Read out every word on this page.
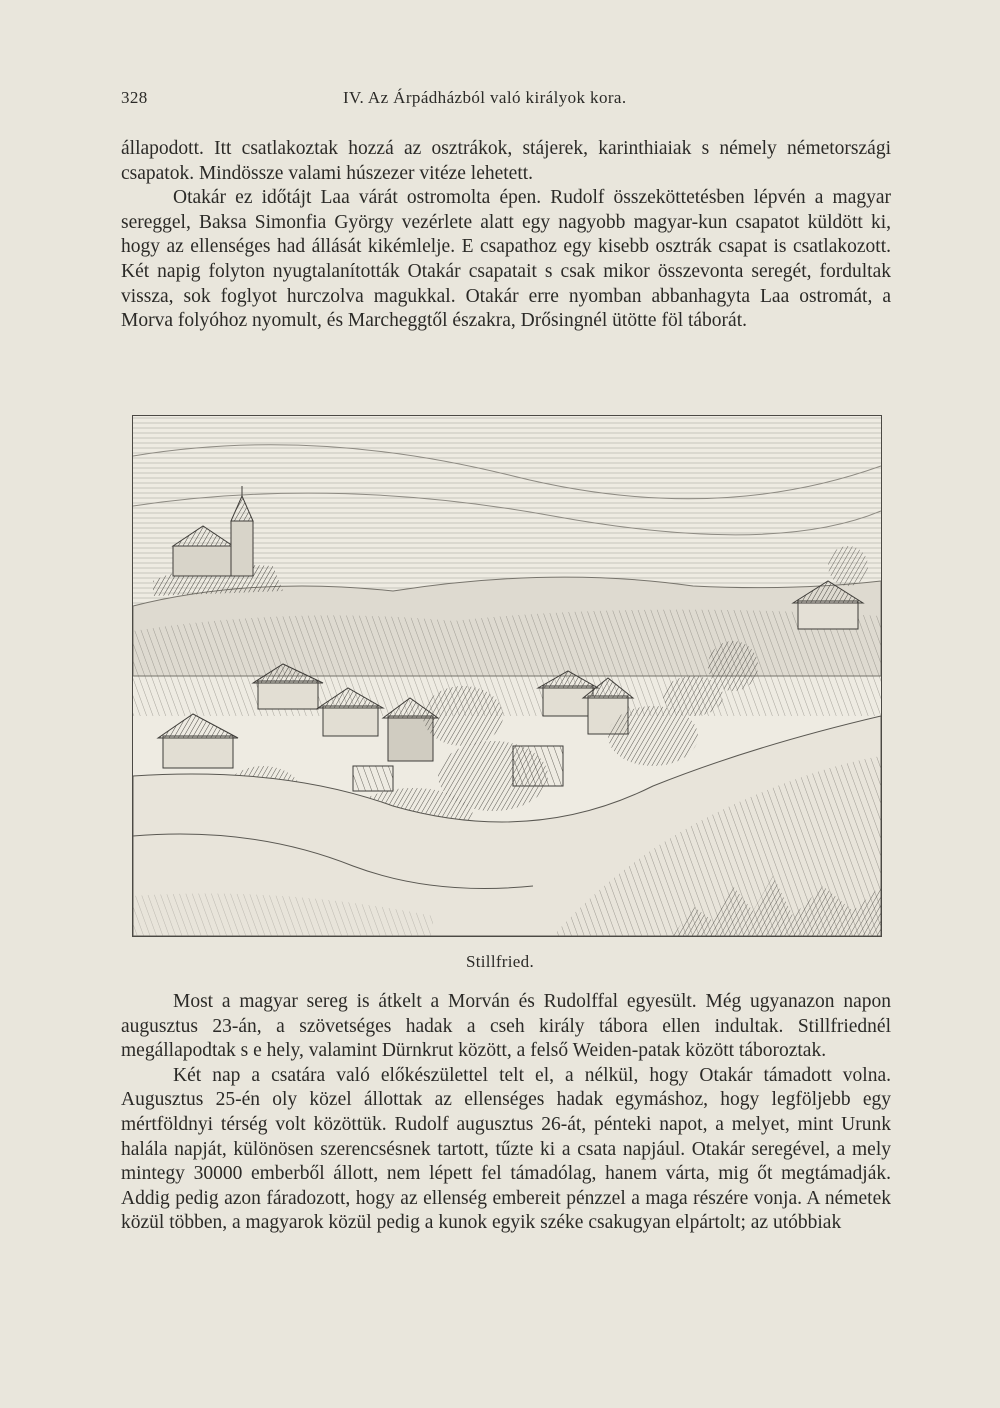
328	IV. Az Árpádházból való királyok kora.

állapodott. Itt csatlakoztak hozzá az osztrákok, stájerek, karinthiaiak s némely németországi csapatok. Mindössze valami húszezer vitéze lehetett.

Otakár ez időtájt Laa várát ostromolta épen. Rudolf összeköttetésben lépvén a magyar sereggel, Baksa Simonfia György vezérlete alatt egy nagyobb magyar-kun csapatot küldött ki, hogy az ellenséges had állását kikémlelje. E csapathoz egy kisebb osztrák csapat is csatlakozott. Két napig folyton nyugtalanították Otakár csapatait s csak mikor összevonta seregét, fordultak vissza, sok foglyot hurczolva magukkal. Otakár erre nyomban abbanhagyta Laa ostromát, a Morva folyóhoz nyomult, és Marcheggtől északra, Drősingnél ütötte föl táborát.

Stillfried.

Most a magyar sereg is átkelt a Morván és Rudolffal egyesült. Még ugyanazon napon augusztus 23-án, a szövetséges hadak a cseh király tábora ellen indultak. Stillfriednél megállapodtak s e hely, valamint Dürnkrut között, a felső Weiden-patak között táboroztak.

Két nap a csatára való előkészülettel telt el, a nélkül, hogy Otakár támadott volna. Augusztus 25-én oly közel állottak az ellenséges hadak egymáshoz, hogy legföljebb egy mértföldnyi térség volt közöttük. Rudolf augusztus 26-át, pénteki napot, a melyet, mint Urunk halála napját, különösen szerencsésnek tartott, tűzte ki a csata napjául. Otakár seregével, a mely mintegy 30000 emberből állott, nem lépett fel támadólag, hanem várta, mig őt megtámadják. Addig pedig azon fáradozott, hogy az ellenség embereit pénzzel a maga részére vonja. A németek közül többen, a magyarok közül pedig a kunok egyik széke csakugyan elpártolt; az utóbbiak
